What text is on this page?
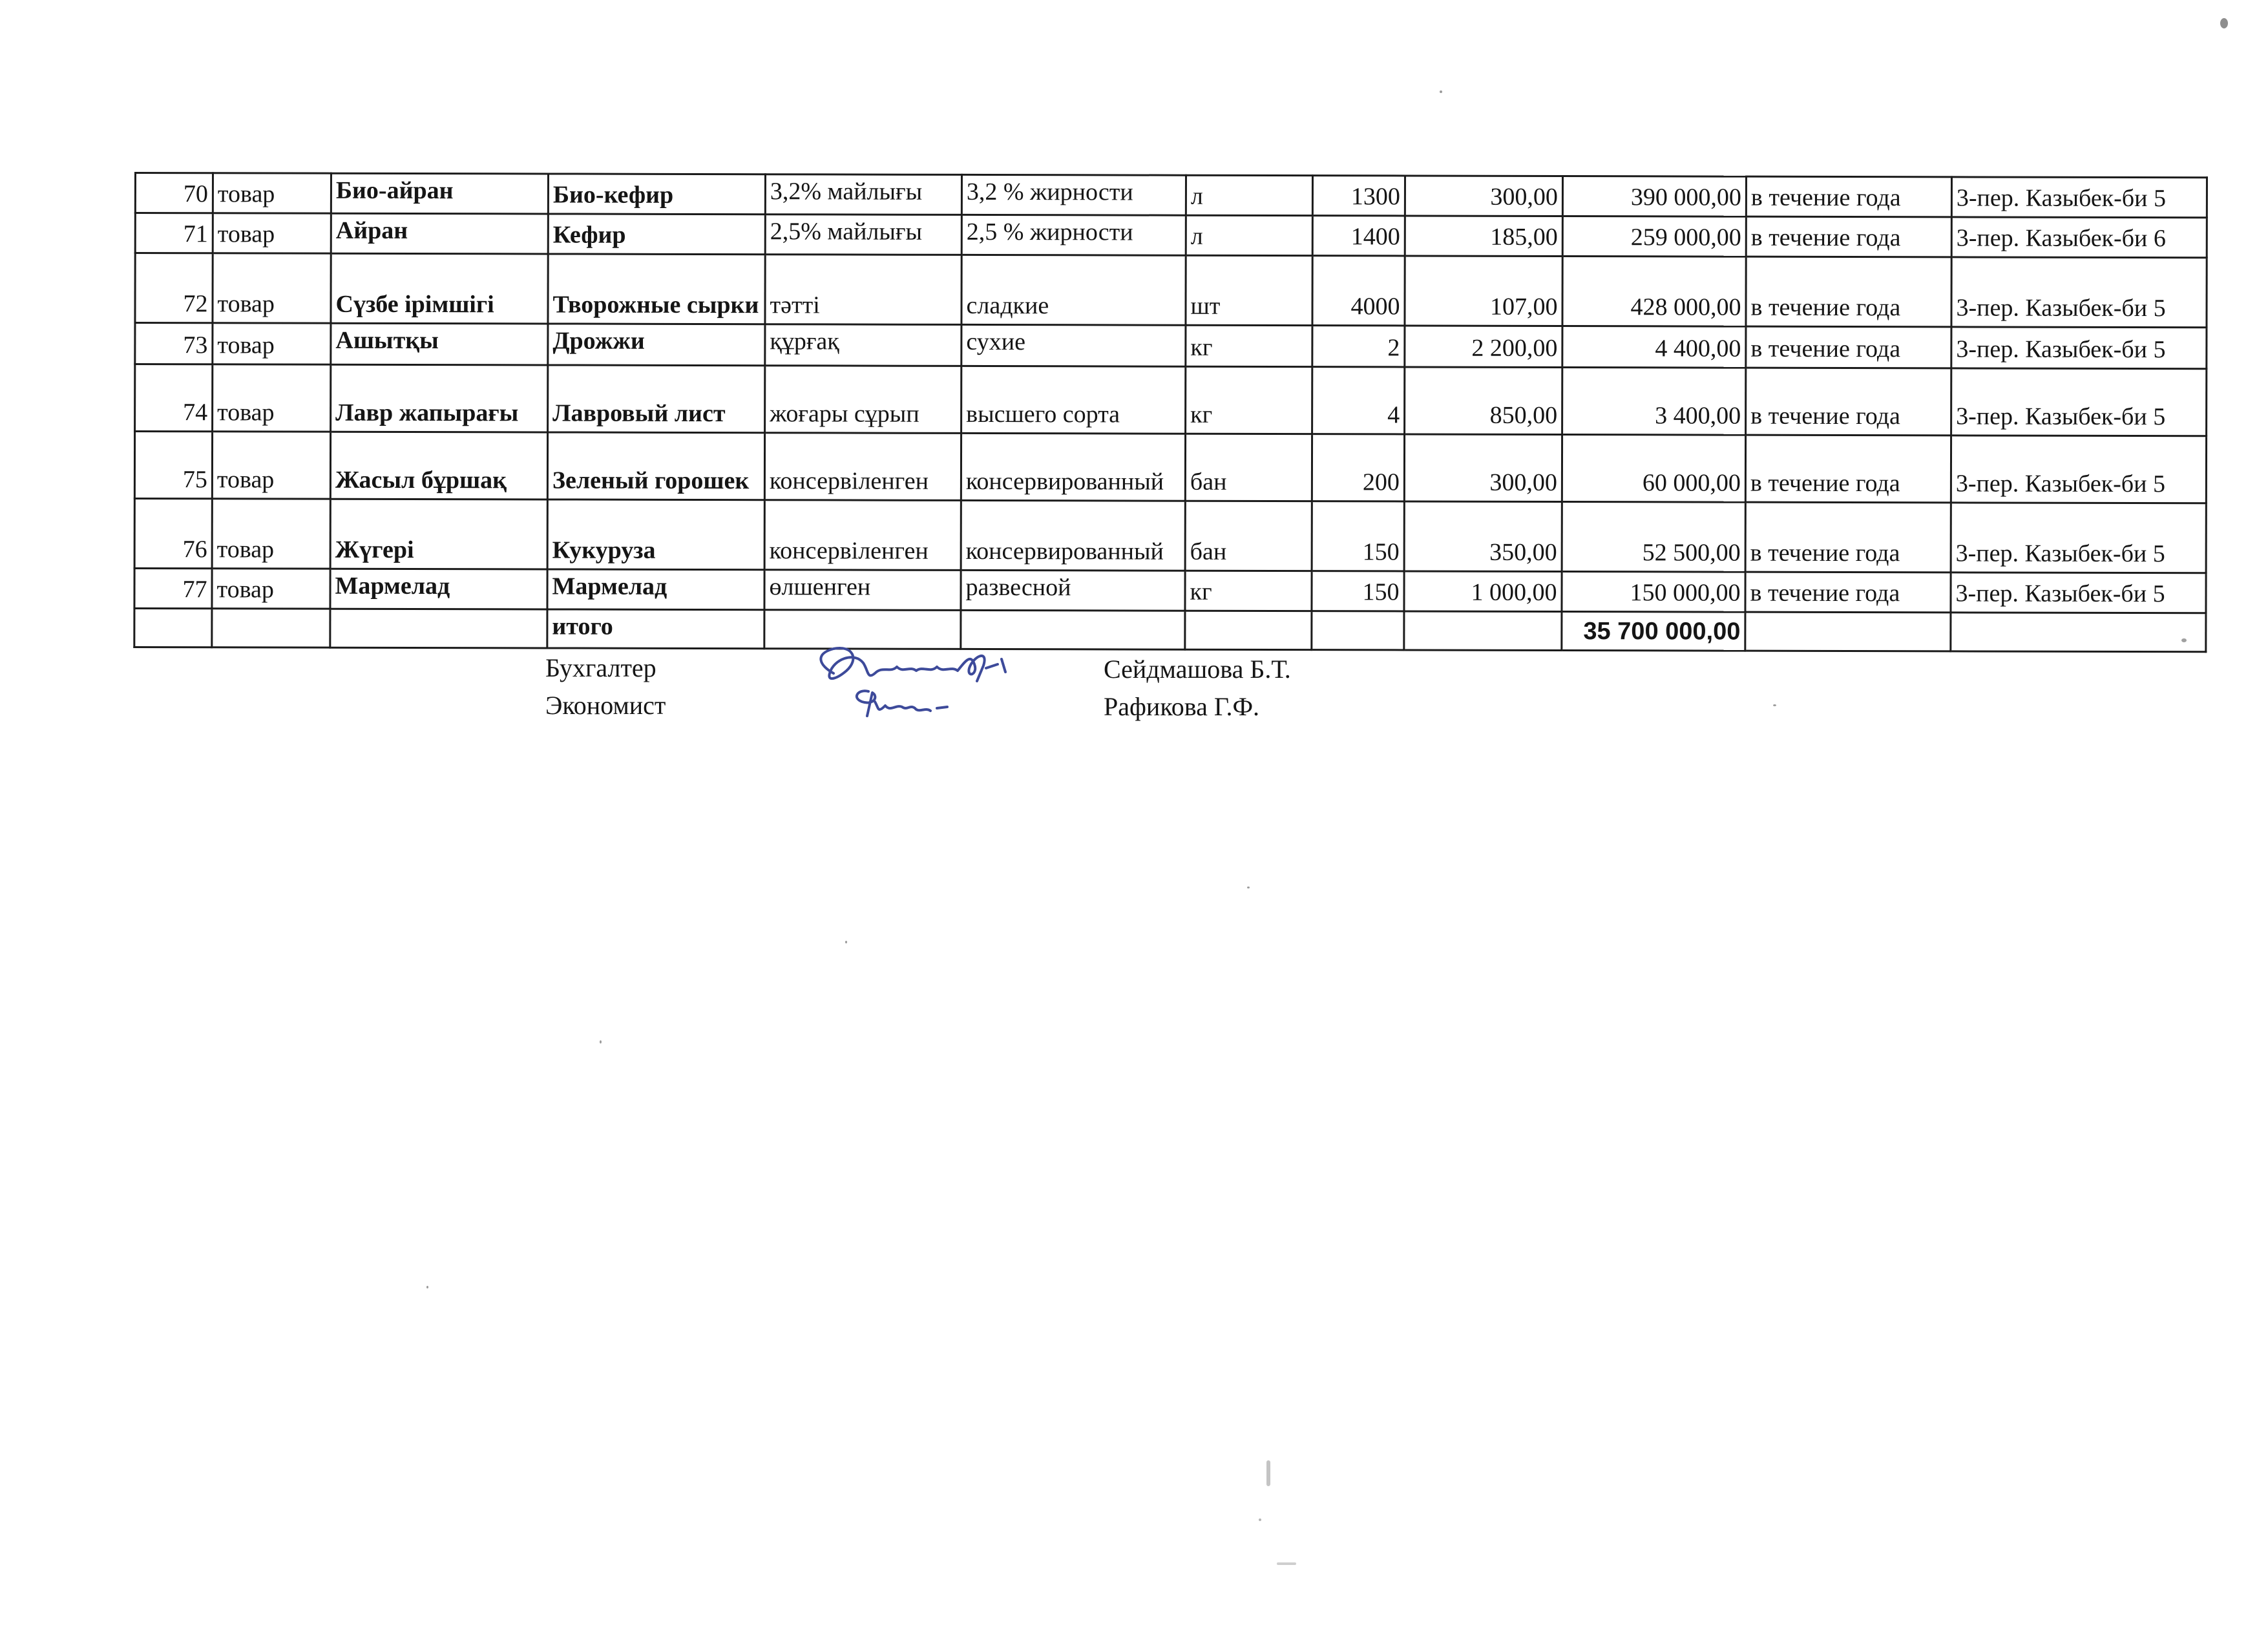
70	товар	Био-айран	Био-кефир	3,2% майлығы	3,2 % жирности	л	1300	300,00	390 000,00	в течение года	3-пер. Казыбек-би 5
71	товар	Айран	Кефир	2,5% майлығы	2,5 % жирности	л	1400	185,00	259 000,00	в течение года	3-пер. Казыбек-би 6
72	товар	Сүзбе ірімшігі	Творожные сырки	тәтті	сладкие	шт	4000	107,00	428 000,00	в течение года	3-пер. Казыбек-би 5
73	товар	Ашытқы	Дрожжи	құрғақ	сухие	кг	2	2 200,00	4 400,00	в течение года	3-пер. Казыбек-би 5
74	товар	Лавр жапырағы	Лавровый лист	жоғары сұрып	высшего сорта	кг	4	850,00	3 400,00	в течение года	3-пер. Казыбек-би 5
75	товар	Жасыл бұршақ	Зеленый горошек	консервіленген	консервированный	бан	200	300,00	60 000,00	в течение года	3-пер. Казыбек-би 5
76	товар	Жүгері	Кукуруза	консервіленген	консервированный	бан	150	350,00	52 500,00	в течение года	3-пер. Казыбек-би 5
77	товар	Мармелад	Мармелад	өлшенген	развесной	кг	150	1 000,00	150 000,00	в течение года	3-пер. Казыбек-би 5
			итого						35 700 000,00		
Бухгалтер	Сейдмашова Б.Т.
Экономист	Рафикова Г.Ф.
